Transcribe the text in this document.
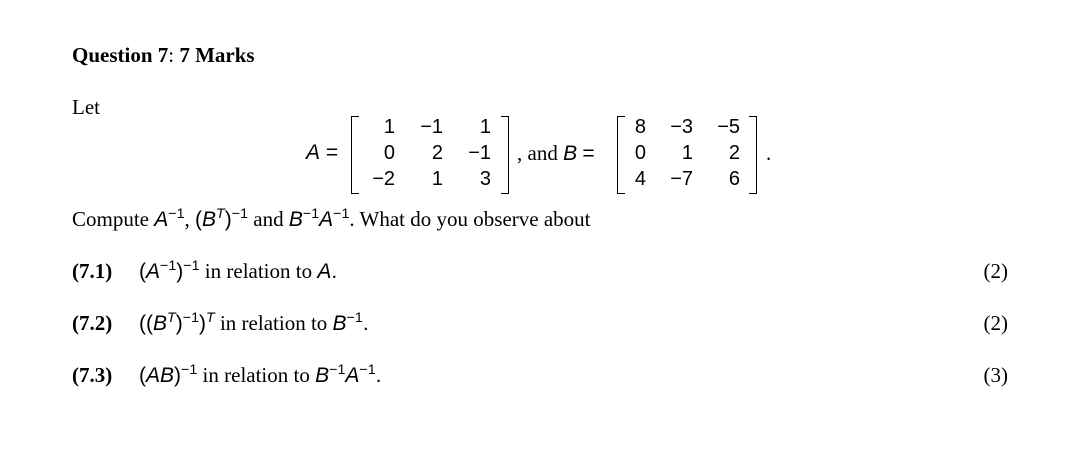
Question 7: 7 Marks
Let
A =
1	−1	1
0	2	−1
−2	1	3
, and B =
8	−3	−5
0	1	2
4	−7	6
.
Compute $A^{-1}$, $(B^T)^{-1}$ and $B^{-1}A^{-1}$. What do you observe about
(7.1) $(A^{-1})^{-1}$ in relation to A.	(2)
(7.2) $((B^T)^{-1})^T$ in relation to $B^{-1}$.	(2)
(7.3) (AB)$^{-1}$ in relation to $B^{-1}A^{-1}$.	(3)
